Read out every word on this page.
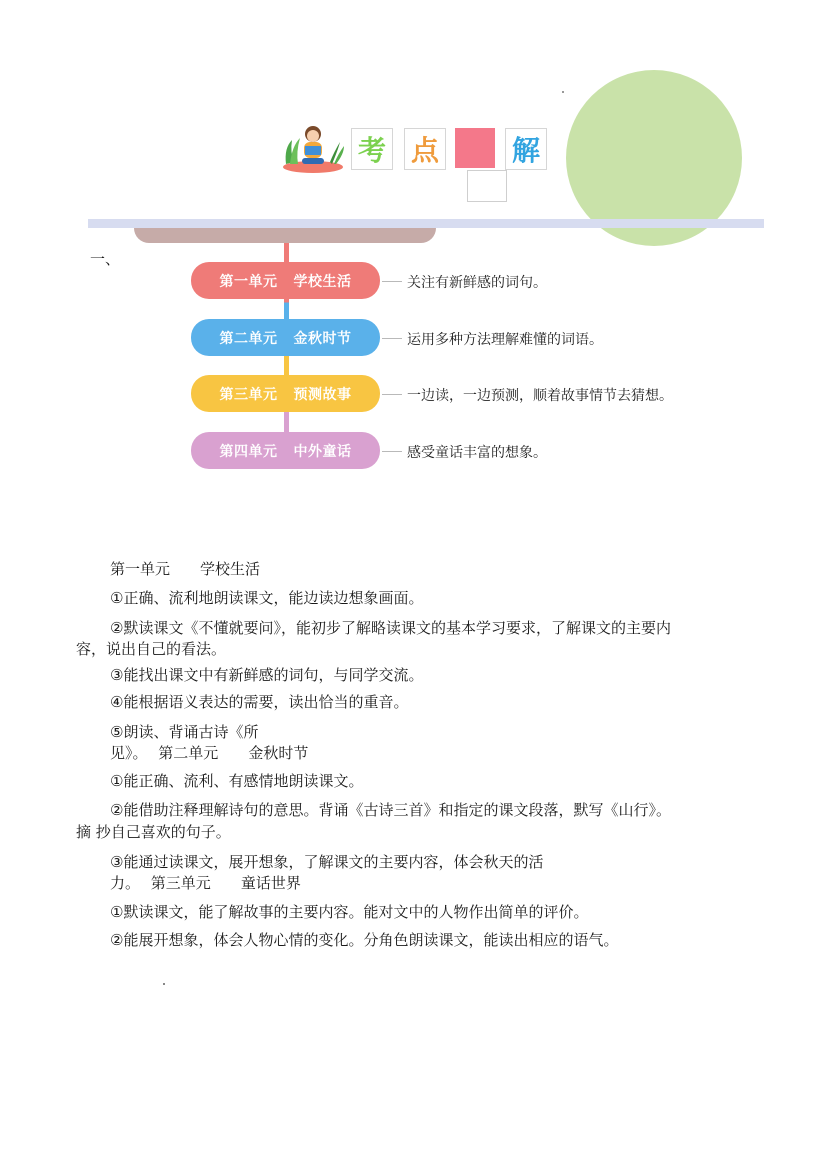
考 点	解
一、
第一单元 学校生活	关注有新鲜感的词句。
第二单元 金秋时节	运用多种方法理解难懂的词语。
第三单元 预测故事	一边读，一边预测，顺着故事情节去猜想。
第四单元 中外童话	感受童话丰富的想象。
第一单元 学校生活
①正确、流利地朗读课文，能边读边想象画面。
②默读课文《不懂就要问》，能初步了解略读课文的基本学习要求，了解课文的主要内
容，说出自己的看法。
③能找出课文中有新鲜感的词句，与同学交流。
④能根据语义表达的需要，读出恰当的重音。
⑤朗读、背诵古诗《所
见》。 第二单元 金秋时节
①能正确、流利、有感情地朗读课文。
②能借助注释理解诗句的意思。背诵《古诗三首》和指定的课文段落，默写《山行》。
摘 抄自己喜欢的句子。
③能通过读课文，展开想象，了解课文的主要内容，体会秋天的活
力。 第三单元 童话世界
①默读课文，能了解故事的主要内容。能对文中的人物作出简单的评价。
②能展开想象，体会人物心情的变化。分角色朗读课文，能读出相应的语气。
